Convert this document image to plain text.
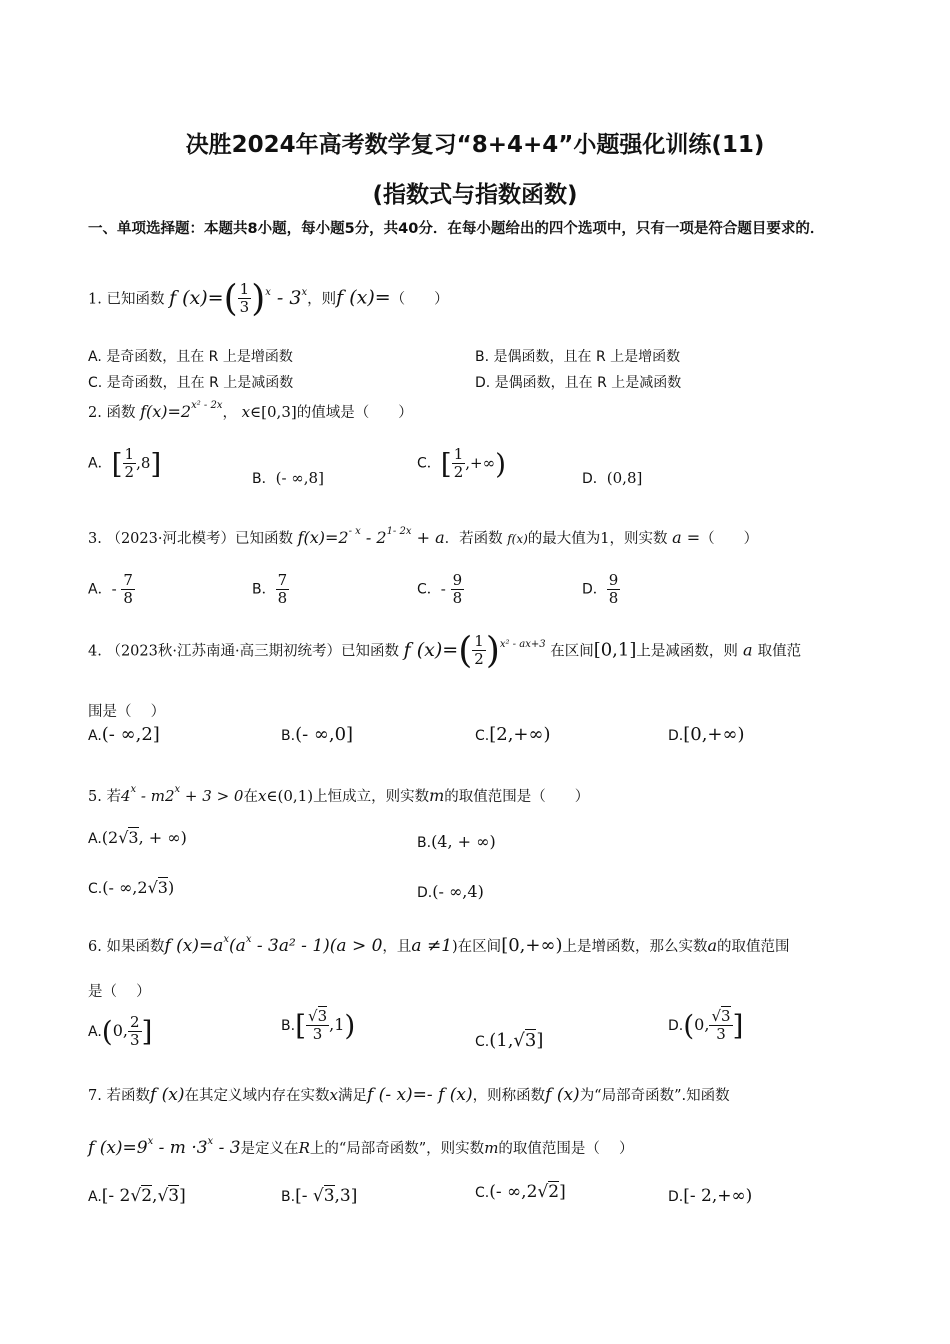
决胜2024年高考数学复习“8+4+4”小题强化训练(11)
(指数式与指数函数)
一、单项选择题：本题共8小题，每小题5分，共40分．在每小题给出的四个选项中，只有一项是符合题目要求的．
1. 已知函数 f $(x)=( \frac{1}{3} )^x - 3^x$，则f (x)=（　　）
A. 是奇函数，且在 R 上是增函数	B. 是偶函数，且在 R 上是增函数
C. 是奇函数，且在 R 上是减函数	D. 是偶函数，且在 R 上是减函数
2. 函数 $f(x)=2^{x^2 - 2x}$， x∈[0,3]的值域是（　　）
A．[ $\frac{1}{2} ,8$]	B．(- ∞,8]
C．[ $\frac{1}{2}$ ,+∞)	D．(0,8]
3. （2023·河北模考）已知函数 $f(x)=2^{- x} - 2^{1- 2x} + a$．若函数 f(x)的最大值为1，则实数 a =（　　）
A．- $\frac{7}{8}$	B． $\frac{7}{8}$	C．- $\frac{9}{8}$	D． $\frac{9}{8}$
4. （2023秋·江苏南通·高三期初统考）已知函数 f $(x)=( \frac{1}{2} )^{x^2 - ax+3}$ 在区间[0,1]上是减函数，则 a 取值范
围是（　 ）
A.(- ∞,2]	B.(- ∞,0]	C.[2,+∞)	D.[0,+∞)
5. 若$4^x - m2^x + 3 > 0$在x∈(0,1)上恒成立，则实数m的取值范围是（　　）
A.(2√3, + ∞)	B.(4, + ∞)
C.(- ∞,2√3)	D.(- ∞,4)
6. 如果函数f $(x)=a^x(a^x - 3a^2 - 1)(a > 0$，且a ≠1)在区间[0,+∞)上是增函数，那么实数a的取值范围
是（　 ）
A.(0, $\frac{2}{3}$ ]	$B.[ \frac{√3}{3} ,1)$	C.(1,√3]
D.(0, $\frac{√3}{3}$ ]
7. 若函数f (x)在其定义域内存在实数x满足f (- x)=- f (x)，则称函数f (x)为“局部奇函数”.知函数
f $(x)=9^x - m \cdot 3^x - 3$是定义在R上的“局部奇函数”，则实数m的取值范围是（　 ）
A.[- 2√2,√3]	B.[- √3,3]	C.(- ∞,2√2]	D.[- 2,+∞)
